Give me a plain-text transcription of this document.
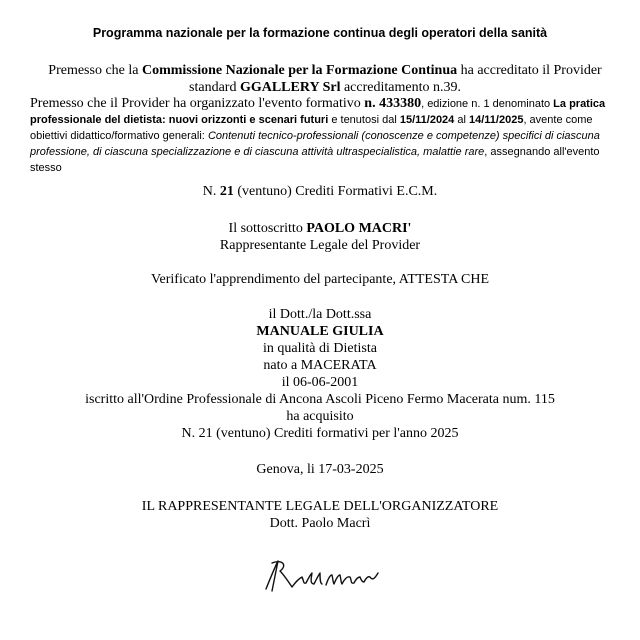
Programma nazionale per la formazione continua degli operatori della sanità
Premesso che la Commissione Nazionale per la Formazione Continua ha accreditato il Provider standard GGALLERY Srl accreditamento n.39.
Premesso che il Provider ha organizzato l'evento formativo n. 433380, edizione n. 1 denominato La pratica professionale del dietista: nuovi orizzonti e scenari futuri e tenutosi dal 15/11/2024 al 14/11/2025, avente come obiettivi didattico/formativo generali: Contenuti tecnico-professionali (conoscenze e competenze) specifici di ciascuna professione, di ciascuna specializzazione e di ciascuna attività ultraspecialistica, malattie rare, assegnando all'evento stesso
N. 21 (ventuno) Crediti Formativi E.C.M.
Il sottoscritto PAOLO MACRI'
Rappresentante Legale del Provider
Verificato l'apprendimento del partecipante, ATTESTA CHE
il Dott./la Dott.ssa
MANUALE GIULIA
in qualità di Dietista
nato a MACERATA
il 06-06-2001
iscritto all'Ordine Professionale di Ancona Ascoli Piceno Fermo Macerata num. 115
ha acquisito
N. 21 (ventuno) Crediti formativi per l'anno 2025
Genova, li 17-03-2025
IL RAPPRESENTANTE LEGALE DELL'ORGANIZZATORE
Dott. Paolo Macrì
